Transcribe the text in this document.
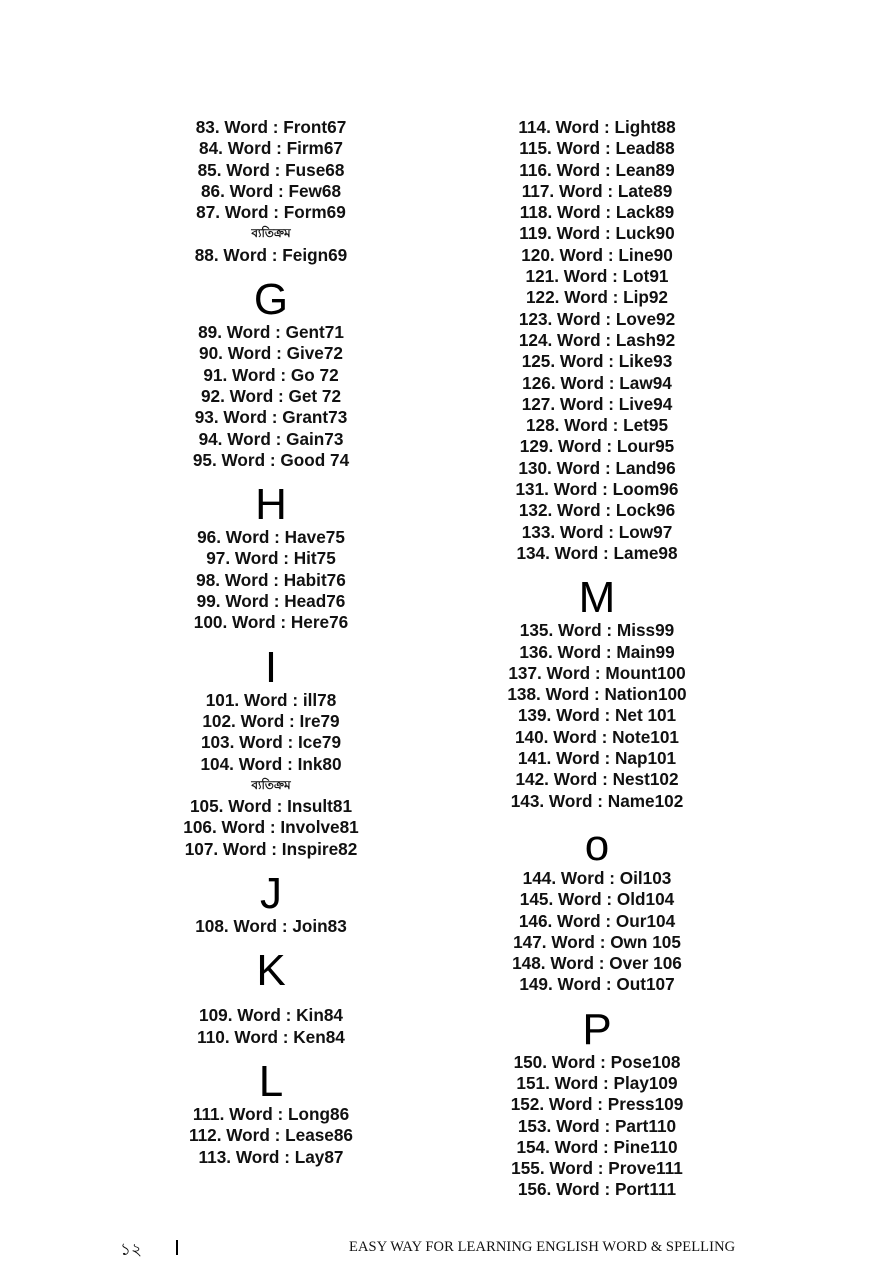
83. Word : Front67
84. Word : Firm67
85. Word : Fuse68
86. Word : Few68
87. Word : Form69
ব্যতিক্রম
88. Word : Feign69
G
89. Word : Gent71
90. Word : Give72
91. Word : Go 72
92. Word : Get 72
93. Word : Grant73
94. Word : Gain73
95. Word : Good 74
H
96. Word : Have75
97. Word : Hit75
98. Word : Habit76
99. Word : Head76
100. Word : Here76
I
101. Word : ill78
102. Word : Ire79
103. Word : Ice79
104. Word : Ink80
ব্যতিক্রম
105. Word : Insult81
106. Word : Involve81
107. Word : Inspire82
J
108. Word : Join83
K
109. Word : Kin84
110. Word : Ken84
L
111. Word : Long86
112. Word : Lease86
113. Word : Lay87
114. Word : Light88
115. Word : Lead88
116. Word : Lean89
117. Word : Late89
118. Word : Lack89
119. Word : Luck90
120. Word : Line90
121. Word : Lot91
122. Word : Lip92
123. Word : Love92
124. Word : Lash92
125. Word : Like93
126. Word : Law94
127. Word : Live94
128. Word : Let95
129. Word : Lour95
130. Word : Land96
131. Word : Loom96
132. Word : Lock96
133. Word : Low97
134. Word : Lame98
M
135. Word : Miss99
136. Word : Main99
137. Word : Mount100
138. Word : Nation100
139. Word : Net 101
140. Word : Note101
141. Word : Nap101
142. Word : Nest102
143. Word : Name102
o
144. Word : Oil103
145. Word : Old104
146. Word : Our104
147. Word : Own 105
148. Word : Over 106
149. Word : Out107
P
150. Word : Pose108
151. Word : Play109
152. Word : Press109
153. Word : Part110
154. Word : Pine110
155. Word : Prove111
156. Word : Port111
১২	EASY WAY FOR LEARNING ENGLISH WORD & SPELLING
